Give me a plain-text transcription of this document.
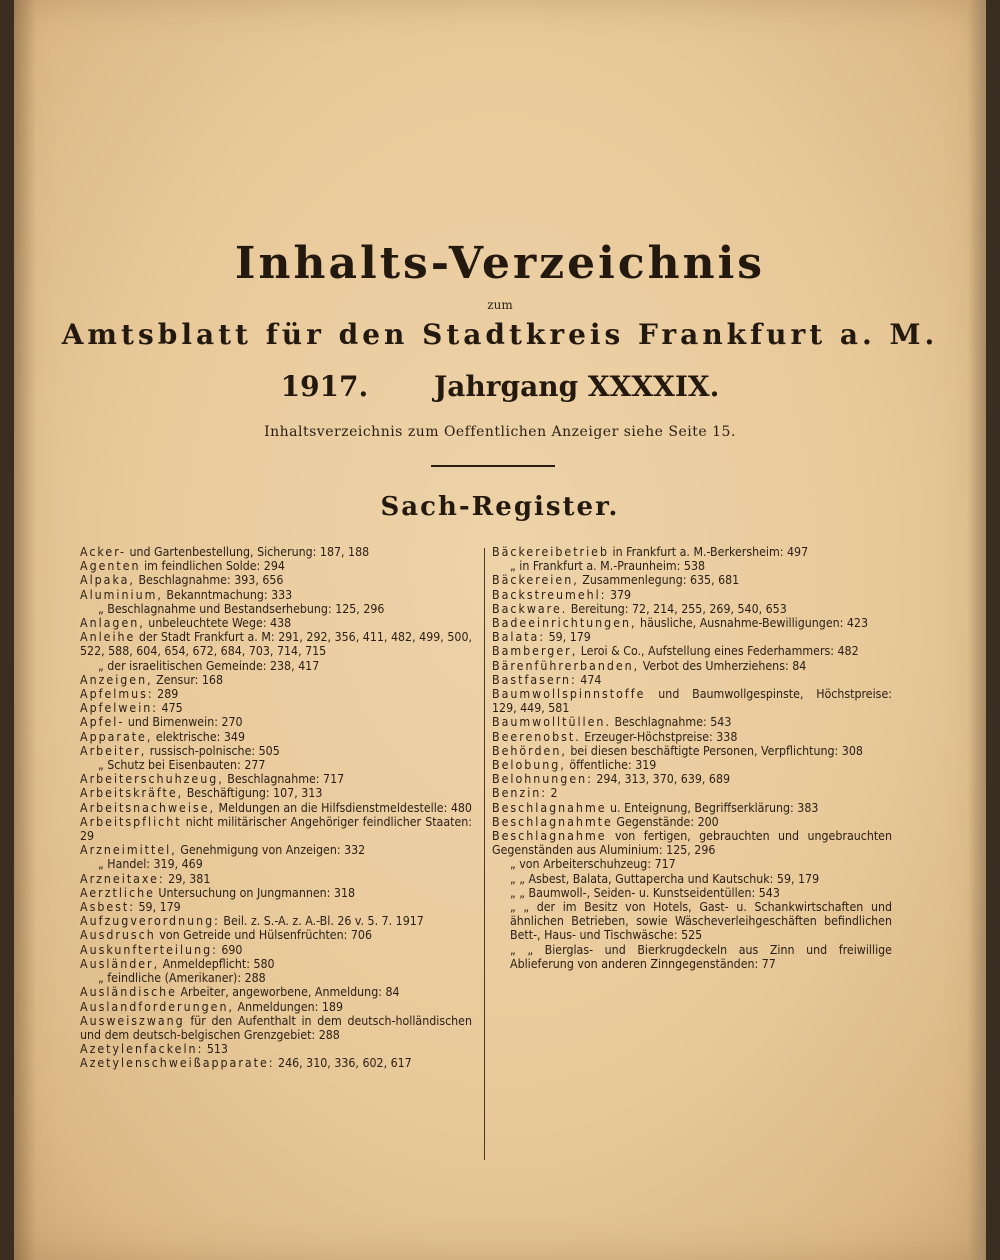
Inhalts-Verzeichnis
zum
Amtsblatt für den Stadtkreis Frankfurt a. M.
1917. Jahrgang XXXXIX.
Inhaltsverzeichnis zum Oeffentlichen Anzeiger siehe Seite 15.
Sach-Register.
Acker- und Gartenbestellung, Sicherung: 187, 188
Agenten im feindlichen Solde: 294
Alpaka, Beschlagnahme: 393, 656
Aluminium, Bekanntmachung: 333
„ Beschlagnahme und Bestandserhebung: 125, 296
Anlagen, unbeleuchtete Wege: 438
Anleihe der Stadt Frankfurt a. M: 291, 292, 356, 411, 482, 499, 500, 522, 588, 604, 654, 672, 684, 703, 714, 715
„ der israelitischen Gemeinde: 238, 417
Anzeigen, Zensur: 168
Apfelmus: 289
Apfelwein: 475
Apfel- und Birnenwein: 270
Apparate, elektrische: 349
Arbeiter, russisch-polnische: 505
„ Schutz bei Eisenbauten: 277
Arbeiterschuhzeug, Beschlagnahme: 717
Arbeitskräfte, Beschäftigung: 107, 313
Arbeitsnachweise, Meldungen an die Hilfsdienstmeldestelle: 480
Arbeitspflicht nicht militärischer Angehöriger feindlicher Staaten: 29
Arzneimittel, Genehmigung von Anzeigen: 332
„ Handel: 319, 469
Arzneitaxe: 29, 381
Aerztliche Untersuchung on Jungmannen: 318
Asbest: 59, 179
Aufzugverordnung: Beil. z. S.-A. z. A.-Bl. 26 v. 5. 7. 1917
Ausdrusch von Getreide und Hülsenfrüchten: 706
Auskunfterteilung: 690
Ausländer, Anmeldepflicht: 580
„ feindliche (Amerikaner): 288
Ausländische Arbeiter, angeworbene, Anmeldung: 84
Auslandforderungen, Anmeldungen: 189
Ausweiszwang für den Aufenthalt in dem deutsch-holländischen und dem deutsch-belgischen Grenzgebiet: 288
Azetylenfackeln: 513
Azetylenschweißapparate: 246, 310, 336, 602, 617
Bäckereibetrieb in Frankfurt a. M.-Berkersheim: 497
„ in Frankfurt a. M.-Praunheim: 538
Bäckereien, Zusammenlegung: 635, 681
Backstreumehl: 379
Backware. Bereitung: 72, 214, 255, 269, 540, 653
Badeeinrichtungen, häusliche, Ausnahme-Bewilligungen: 423
Balata: 59, 179
Bamberger, Leroi & Co., Aufstellung eines Federhammers: 482
Bärenführerbanden, Verbot des Umherziehens: 84
Bastfasern: 474
Baumwollspinnstoffe und Baumwollgespinste, Höchstpreise: 129, 449, 581
Baumwolltüllen. Beschlagnahme: 543
Beerenobst. Erzeuger-Höchstpreise: 338
Behörden, bei diesen beschäftigte Personen, Verpflichtung: 308
Belobung, öffentliche: 319
Belohnungen: 294, 313, 370, 639, 689
Benzin: 2
Beschlagnahme u. Enteignung, Begriffserklärung: 383
Beschlagnahmte Gegenstände: 200
Beschlagnahme von fertigen, gebrauchten und ungebrauchten Gegenständen aus Aluminium: 125, 296
„ von Arbeiterschuhzeug: 717
„ „ Asbest, Balata, Guttapercha und Kautschuk: 59, 179
„ „ Baumwoll-, Seiden- u. Kunstseidentüllen: 543
„ „ der im Besitz von Hotels, Gast- u. Schankwirtschaften und ähnlichen Betrieben, sowie Wäscheverleihgeschäften befindlichen Bett-, Haus- und Tischwäsche: 525
„ „ Bierglas- und Bierkrugdeckeln aus Zinn und freiwillige Ablieferung von anderen Zinngegenständen: 77
